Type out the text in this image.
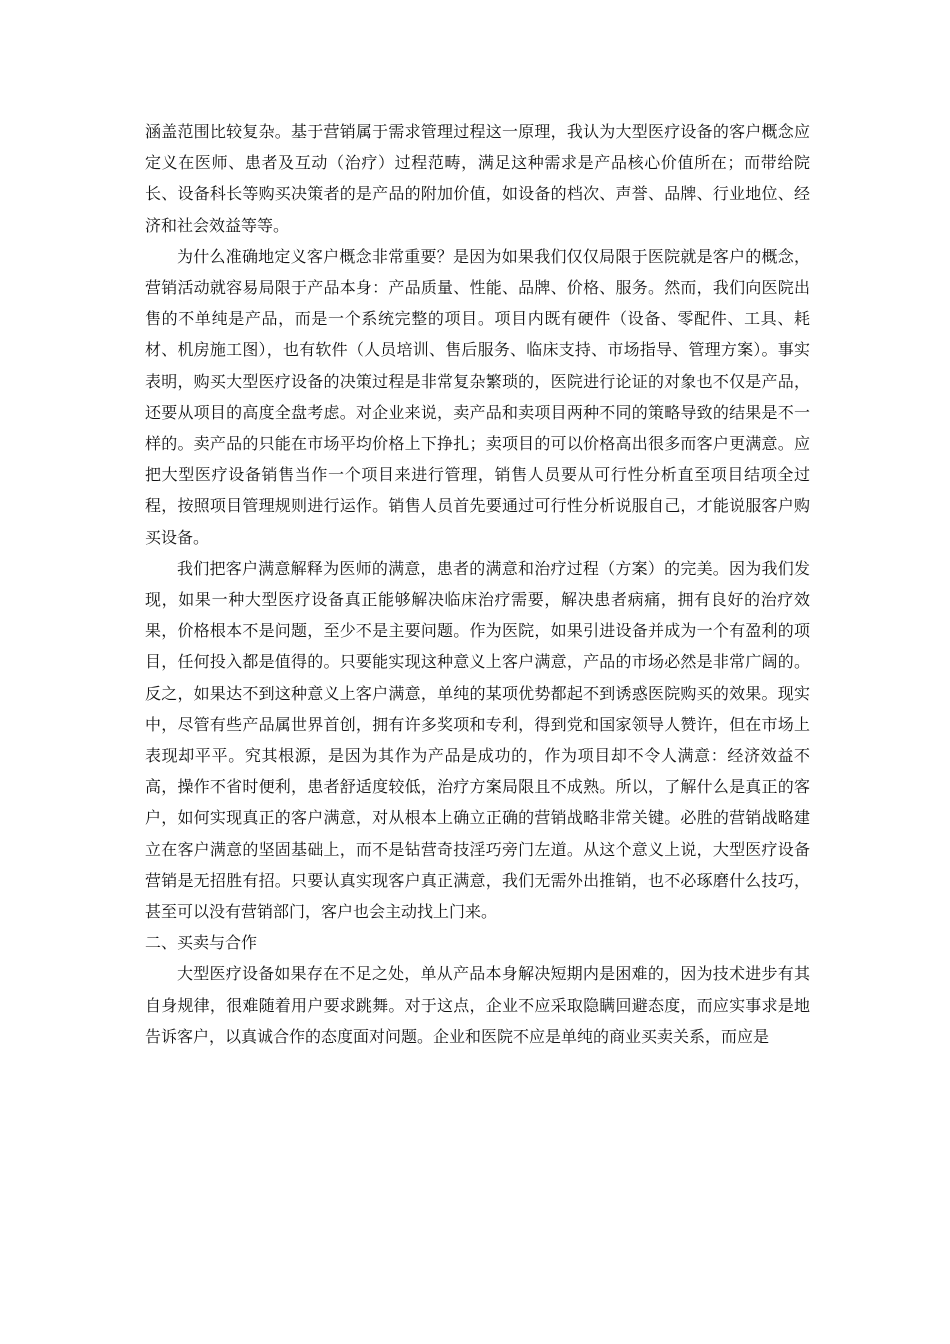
涵盖范围比较复杂。基于营销属于需求管理过程这一原理，我认为大型医疗设备的客户概念应定义在医师、患者及互动（治疗）过程范畴，满足这种需求是产品核心价值所在；而带给院长、设备科长等购买决策者的是产品的附加价值，如设备的档次、声誉、品牌、行业地位、经济和社会效益等等。

为什么准确地定义客户概念非常重要？是因为如果我们仅仅局限于医院就是客户的概念，营销活动就容易局限于产品本身：产品质量、性能、品牌、价格、服务。然而，我们向医院出售的不单纯是产品，而是一个系统完整的项目。项目内既有硬件（设备、零配件、工具、耗材、机房施工图），也有软件（人员培训、售后服务、临床支持、市场指导、管理方案）。事实表明，购买大型医疗设备的决策过程是非常复杂繁琐的，医院进行论证的对象也不仅是产品，还要从项目的高度全盘考虑。对企业来说，卖产品和卖项目两种不同的策略导致的结果是不一样的。卖产品的只能在市场平均价格上下挣扎；卖项目的可以价格高出很多而客户更满意。应把大型医疗设备销售当作一个项目来进行管理，销售人员要从可行性分析直至项目结项全过程，按照项目管理规则进行运作。销售人员首先要通过可行性分析说服自己，才能说服客户购买设备。

我们把客户满意解释为医师的满意，患者的满意和治疗过程（方案）的完美。因为我们发现，如果一种大型医疗设备真正能够解决临床治疗需要，解决患者病痛，拥有良好的治疗效果，价格根本不是问题，至少不是主要问题。作为医院，如果引进设备并成为一个有盈利的项目，任何投入都是值得的。只要能实现这种意义上客户满意，产品的市场必然是非常广阔的。反之，如果达不到这种意义上客户满意，单纯的某项优势都起不到诱惑医院购买的效果。现实中，尽管有些产品属世界首创，拥有许多奖项和专利，得到党和国家领导人赞许，但在市场上表现却平平。究其根源，是因为其作为产品是成功的，作为项目却不令人满意：经济效益不高，操作不省时便利，患者舒适度较低，治疗方案局限且不成熟。所以，了解什么是真正的客户，如何实现真正的客户满意，对从根本上确立正确的营销战略非常关键。必胜的营销战略建立在客户满意的坚固基础上，而不是钻营奇技淫巧旁门左道。从这个意义上说，大型医疗设备营销是无招胜有招。只要认真实现客户真正满意，我们无需外出推销，也不必琢磨什么技巧，甚至可以没有营销部门，客户也会主动找上门来。

二、买卖与合作

大型医疗设备如果存在不足之处，单从产品本身解决短期内是困难的，因为技术进步有其自身规律，很难随着用户要求跳舞。对于这点，企业不应采取隐瞒回避态度，而应实事求是地告诉客户，以真诚合作的态度面对问题。企业和医院不应是单纯的商业买卖关系，而应是
